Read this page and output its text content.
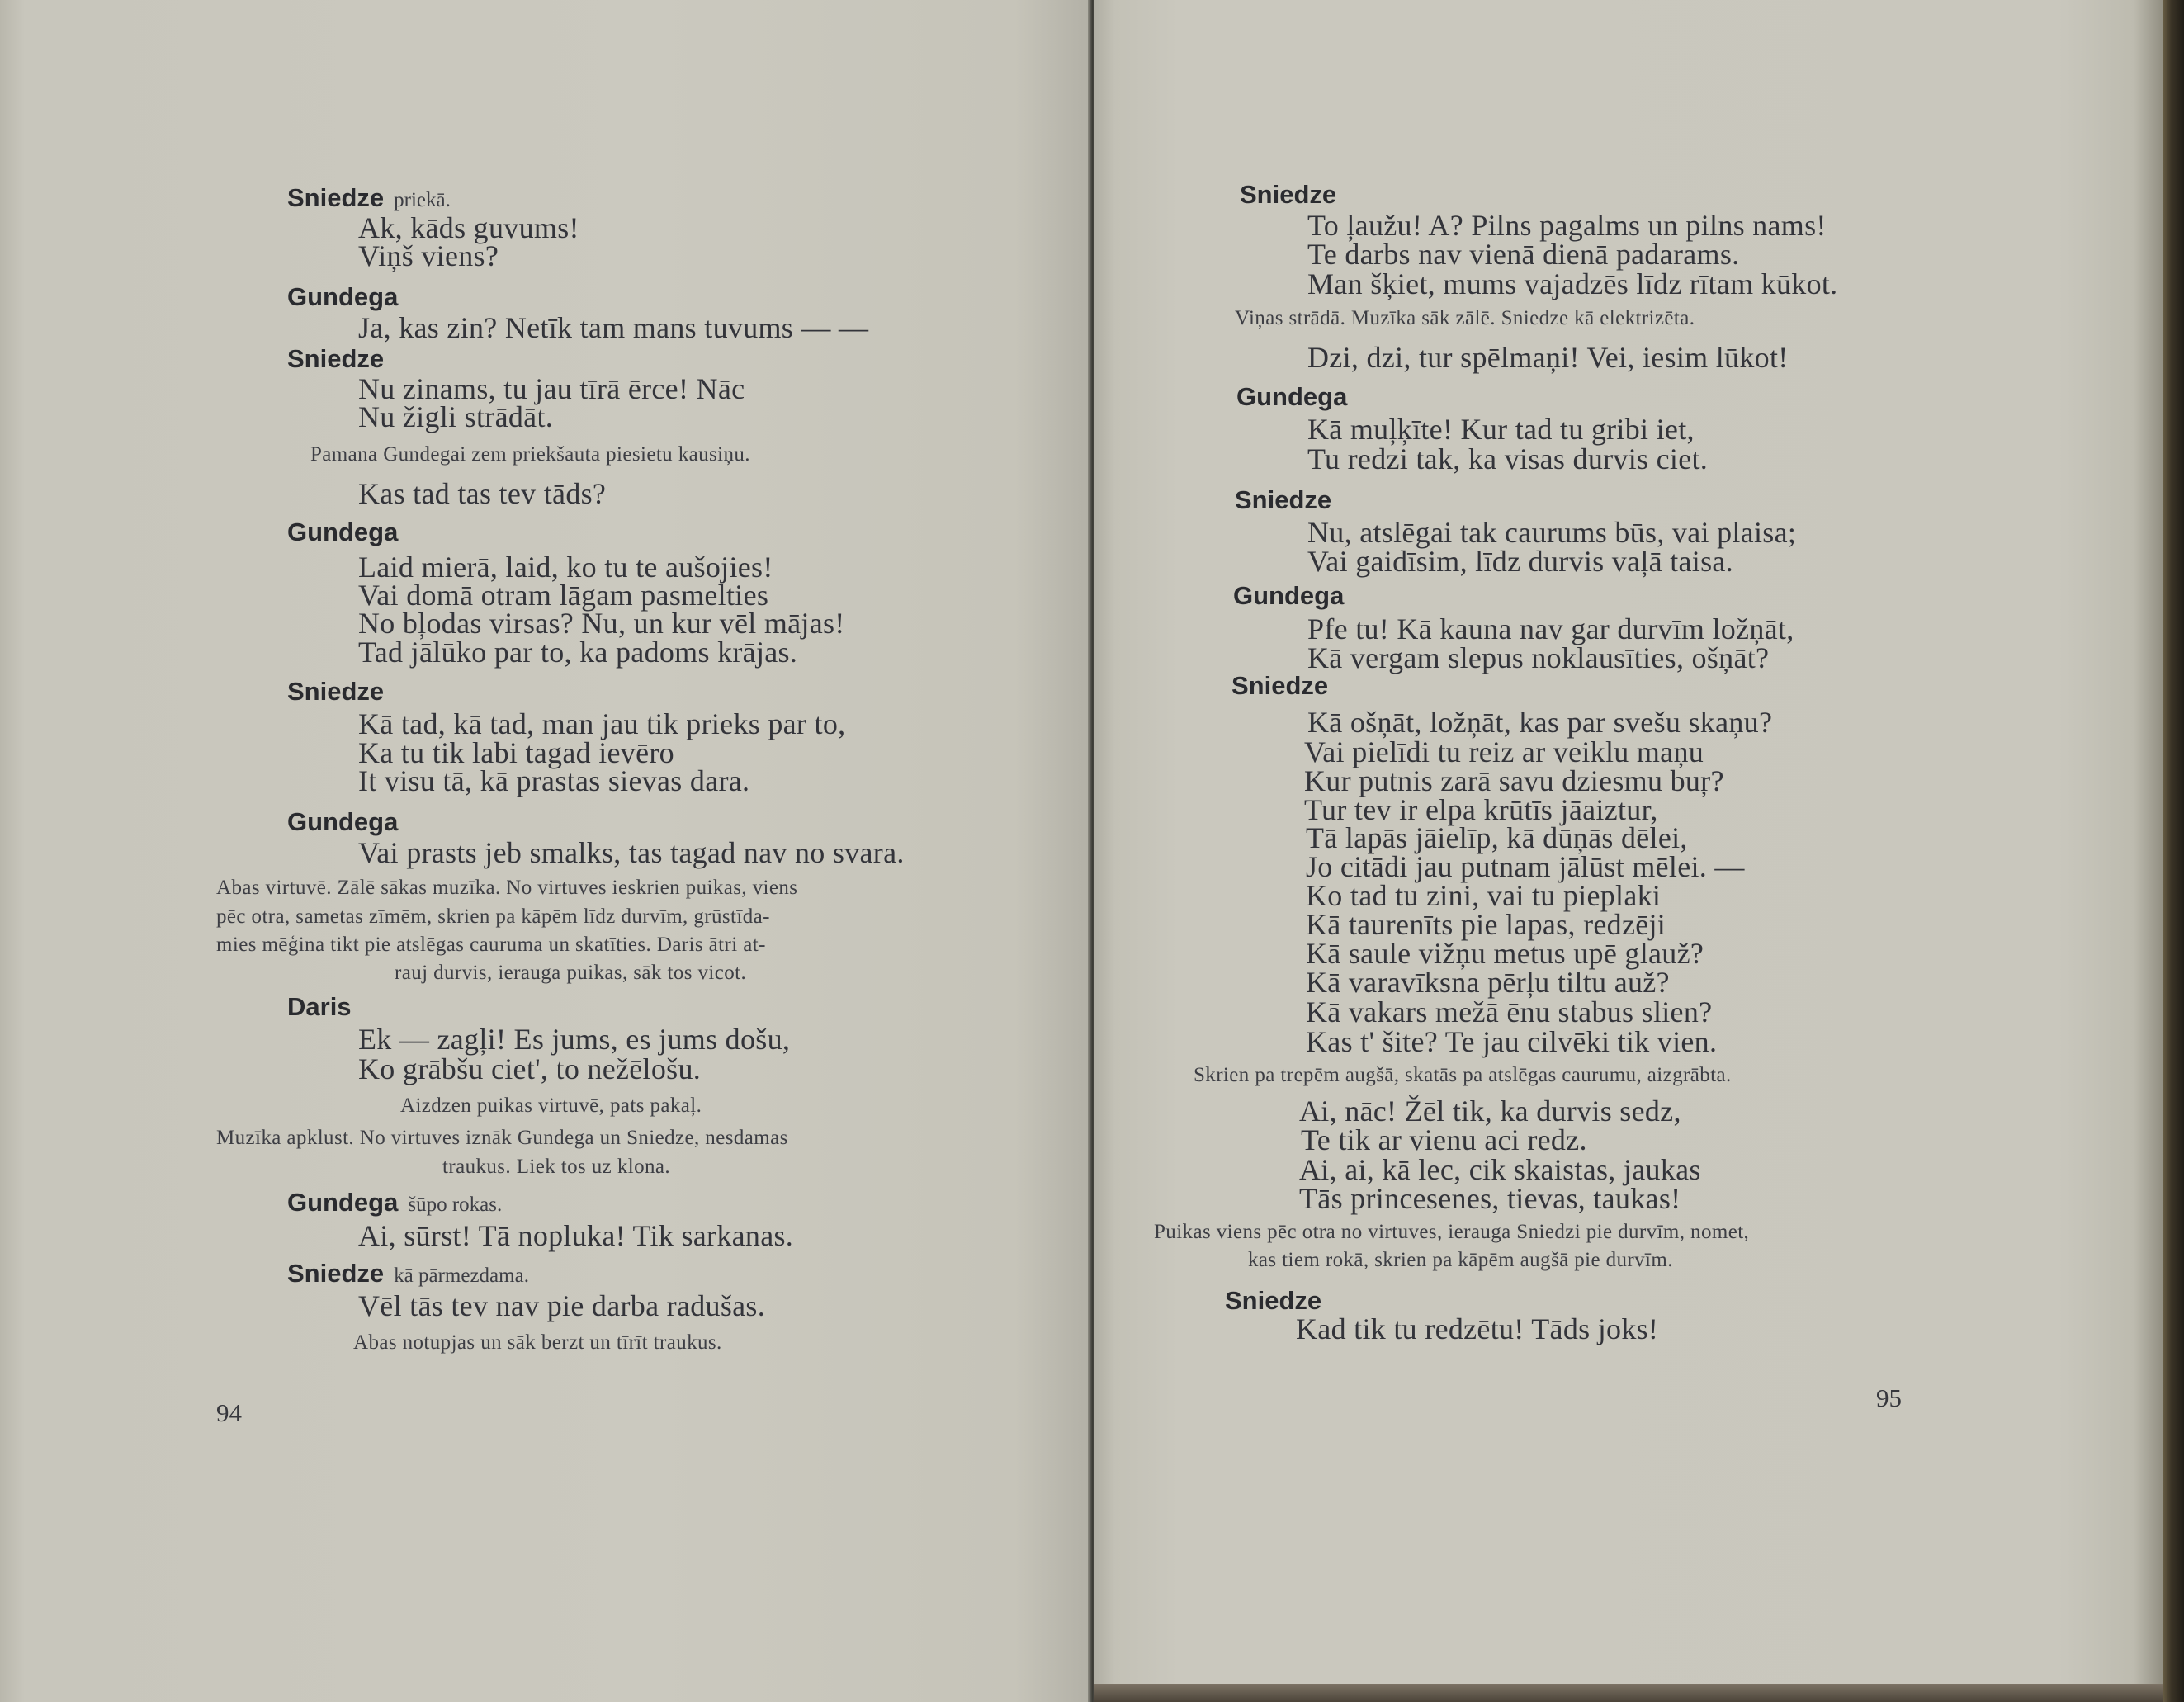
Sniedze priekā.
Ak, kāds guvums!
Viņš viens?
Gundega
Ja, kas zin? Netīk tam mans tuvums — —
Sniedze
Nu zinams, tu jau tīrā ērce! Nāc
Nu žigli strādāt.
Pamana Gundegai zem priekšauta piesietu kausiņu.
Kas tad tas tev tāds?
Gundega
Laid mierā, laid, ko tu te aušojies!
Vai domā otram lāgam pasmelties
No bļodas virsas? Nu, un kur vēl mājas!
Tad jālūko par to, ka padoms krājas.
Sniedze
Kā tad, kā tad, man jau tik prieks par to,
Ka tu tik labi tagad ievēro
It visu tā, kā prastas sievas dara.
Gundega
Vai prasts jeb smalks, tas tagad nav no svara.
Abas virtuvē. Zālē sākas muzīka. No virtuves ieskrien puikas, viens
pēc otra, sametas zīmēm, skrien pa kāpēm līdz durvīm, grūstīda-
mies mēģina tikt pie atslēgas cauruma un skatīties. Daris ātri at-
rauj durvis, ierauga puikas, sāk tos vicot.
Daris
Ek — zagļi! Es jums, es jums došu,
Ko grābšu ciet', to nežēlošu.
Aizdzen puikas virtuvē, pats pakaļ.
Muzīka apklust. No virtuves iznāk Gundega un Sniedze, nesdamas
traukus. Liek tos uz klona.
Gundega šūpo rokas.
Ai, sūrst! Tā nopluka! Tik sarkanas.
Sniedze kā pārmezdama.
Vēl tās tev nav pie darba radušas.
Abas notupjas un sāk berzt un tīrīt traukus.
94
Sniedze
To ļaužu! A? Pilns pagalms un pilns nams!
Te darbs nav vienā dienā padarams.
Man šķiet, mums vajadzēs līdz rītam kūkot.
Viņas strādā. Muzīka sāk zālē. Sniedze kā elektrizēta.
Dzi, dzi, tur spēlmaņi! Vei, iesim lūkot!
Gundega
Kā muļķīte! Kur tad tu gribi iet,
Tu redzi tak, ka visas durvis ciet.
Sniedze
Nu, atslēgai tak caurums būs, vai plaisa;
Vai gaidīsim, līdz durvis vaļā taisa.
Gundega
Pfe tu! Kā kauna nav gar durvīm ložņāt,
Kā vergam slepus noklausīties, ošņāt?
Sniedze
Kā ošņāt, ložņāt, kas par svešu skaņu?
Vai pielīdi tu reiz ar veiklu maņu
Kur putnis zarā savu dziesmu buŗ?
Tur tev ir elpa krūtīs jāaiztur,
Tā lapās jāielīp, kā dūņās dēlei,
Jo citādi jau putnam jālūst mēlei. —
Ko tad tu zini, vai tu pieplaki
Kā taurenīts pie lapas, redzēji
Kā saule vižņu metus upē glauž?
Kā varavīksna pērļu tiltu auž?
Kā vakars mežā ēnu stabus slien?
Kas t' šite? Te jau cilvēki tik vien.
Skrien pa trepēm augšā, skatās pa atslēgas caurumu, aizgrābta.
Ai, nāc! Žēl tik, ka durvis sedz,
Te tik ar vienu aci redz.
Ai, ai, kā lec, cik skaistas, jaukas
Tās princesenes, tievas, taukas!
Puikas viens pēc otra no virtuves, ierauga Sniedzi pie durvīm, nomet,
kas tiem rokā, skrien pa kāpēm augšā pie durvīm.
Sniedze
Kad tik tu redzētu! Tāds joks!
95
